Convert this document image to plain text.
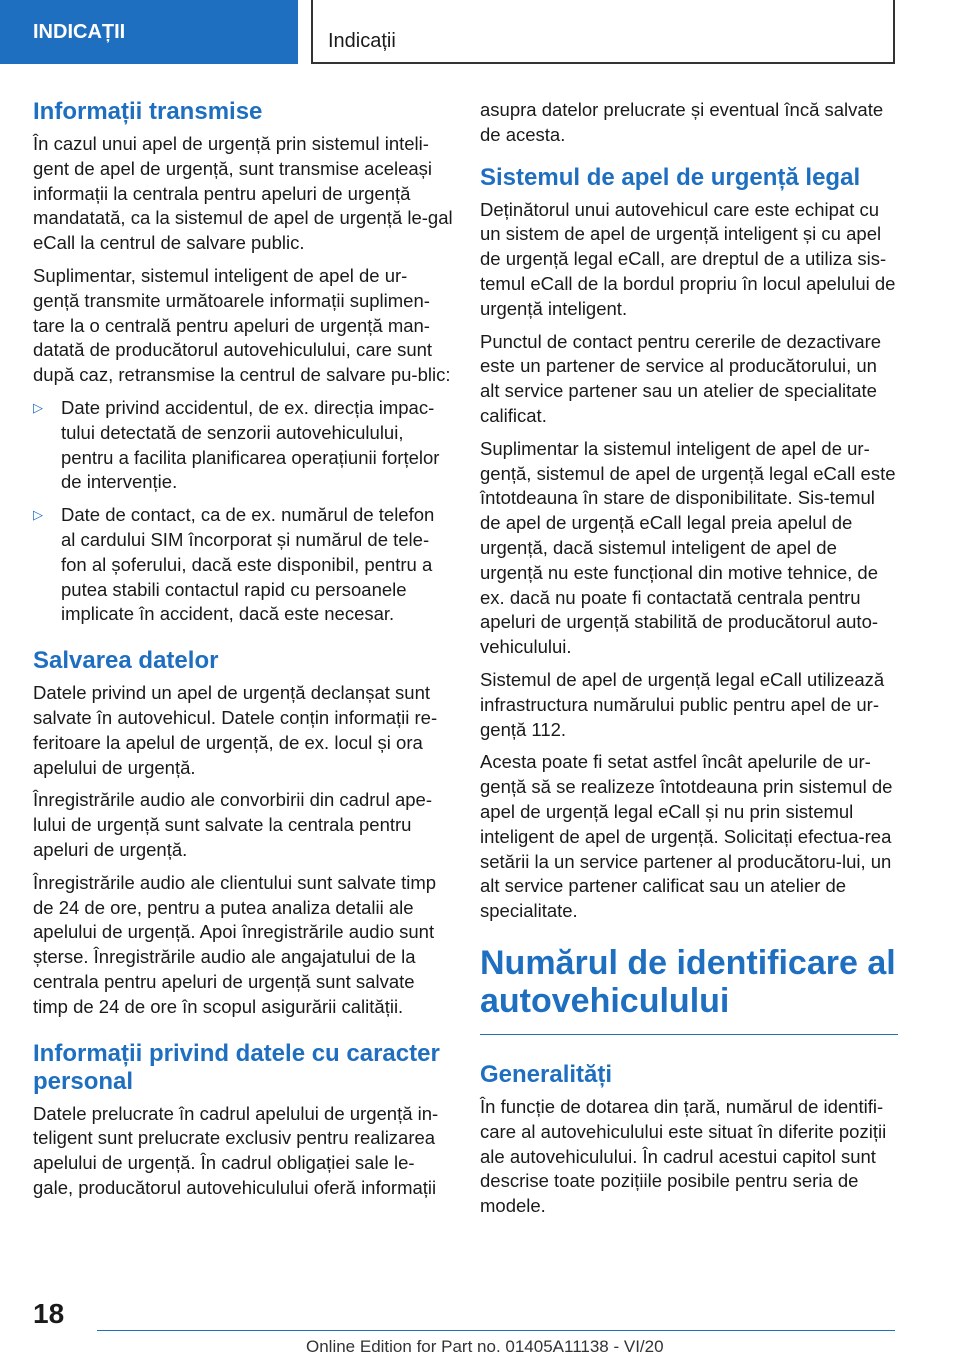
INDICAȚII	Indicații
Informații transmise

În cazul unui apel de urgență prin sistemul inteli-gent de apel de urgență, sunt transmise aceleași informații la centrala pentru apeluri de urgență mandatată, ca la sistemul de apel de urgență le-gal eCall la centrul de salvare public.

Suplimentar, sistemul inteligent de apel de ur-gență transmite următoarele informații suplimen-tare la o centrală pentru apeluri de urgență man-datată de producătorul autovehiculului, care sunt după caz, retransmise la centrul de salvare pu-blic:

▷ Date privind accidentul, de ex. direcția impac-tului detectată de senzorii autovehiculului, pentru a facilita planificarea operațiunii forțelor de intervenție.
▷ Date de contact, ca de ex. numărul de telefon al cardului SIM încorporat și numărul de tele-fon al șoferului, dacă este disponibil, pentru a putea stabili contactul rapid cu persoanele implicate în accident, dacă este necesar.
Salvarea datelor

Datele privind un apel de urgență declanșat sunt salvate în autovehicul. Datele conțin informații re-feritoare la apelul de urgență, de ex. locul și ora apelului de urgență.

Înregistrările audio ale convorbirii din cadrul ape-lului de urgență sunt salvate la centrala pentru apeluri de urgență.

Înregistrările audio ale clientului sunt salvate timp de 24 de ore, pentru a putea analiza detalii ale apelului de urgență. Apoi înregistrările audio sunt șterse. Înregistrările audio ale angajatului de la centrala pentru apeluri de urgență sunt salvate timp de 24 de ore în scopul asigurării calității.

Informații privind datele cu caracter personal

Datele prelucrate în cadrul apelului de urgență in-teligent sunt prelucrate exclusiv pentru realizarea apelului de urgență. În cadrul obligației sale le-gale, producătorul autovehiculului oferă informații

asupra datelor prelucrate și eventual încă salvate de acesta.

Sistemul de apel de urgență legal

Deținătorul unui autovehicul care este echipat cu un sistem de apel de urgență inteligent și cu apel de urgență legal eCall, are dreptul de a utiliza sis-temul eCall de la bordul propriu în locul apelului de urgență inteligent.

Punctul de contact pentru cererile de dezactivare este un partener de service al producătorului, un alt service partener sau un atelier de specialitate calificat.

Suplimentar la sistemul inteligent de apel de ur-gență, sistemul de apel de urgență legal eCall este întotdeauna în stare de disponibilitate. Sis-temul de apel de urgență eCall legal preia apelul de urgență, dacă sistemul inteligent de apel de urgență nu este funcțional din motive tehnice, de ex. dacă nu poate fi contactată centrala pentru apeluri de urgență stabilită de producătorul auto-vehiculului.

Sistemul de apel de urgență legal eCall utilizează infrastructura numărului public pentru apel de ur-gență 112.

Acesta poate fi setat astfel încât apelurile de ur-gență să se realizeze întotdeauna prin sistemul de apel de urgență legal eCall și nu prin sistemul inteligent de apel de urgență. Solicitați efectua-rea setării la un service partener al producătoru-lui, un alt service partener calificat sau un atelier de specialitate.

Numărul de identificare al autovehiculului
Generalități

În funcție de dotarea din țară, numărul de identifi-care al autovehiculului este situat în diferite poziții ale autovehiculului. În cadrul acestui capitol sunt descrise toate pozițiile posibile pentru seria de modele.

18
Online Edition for Part no. 01405A11138 - VI/20
